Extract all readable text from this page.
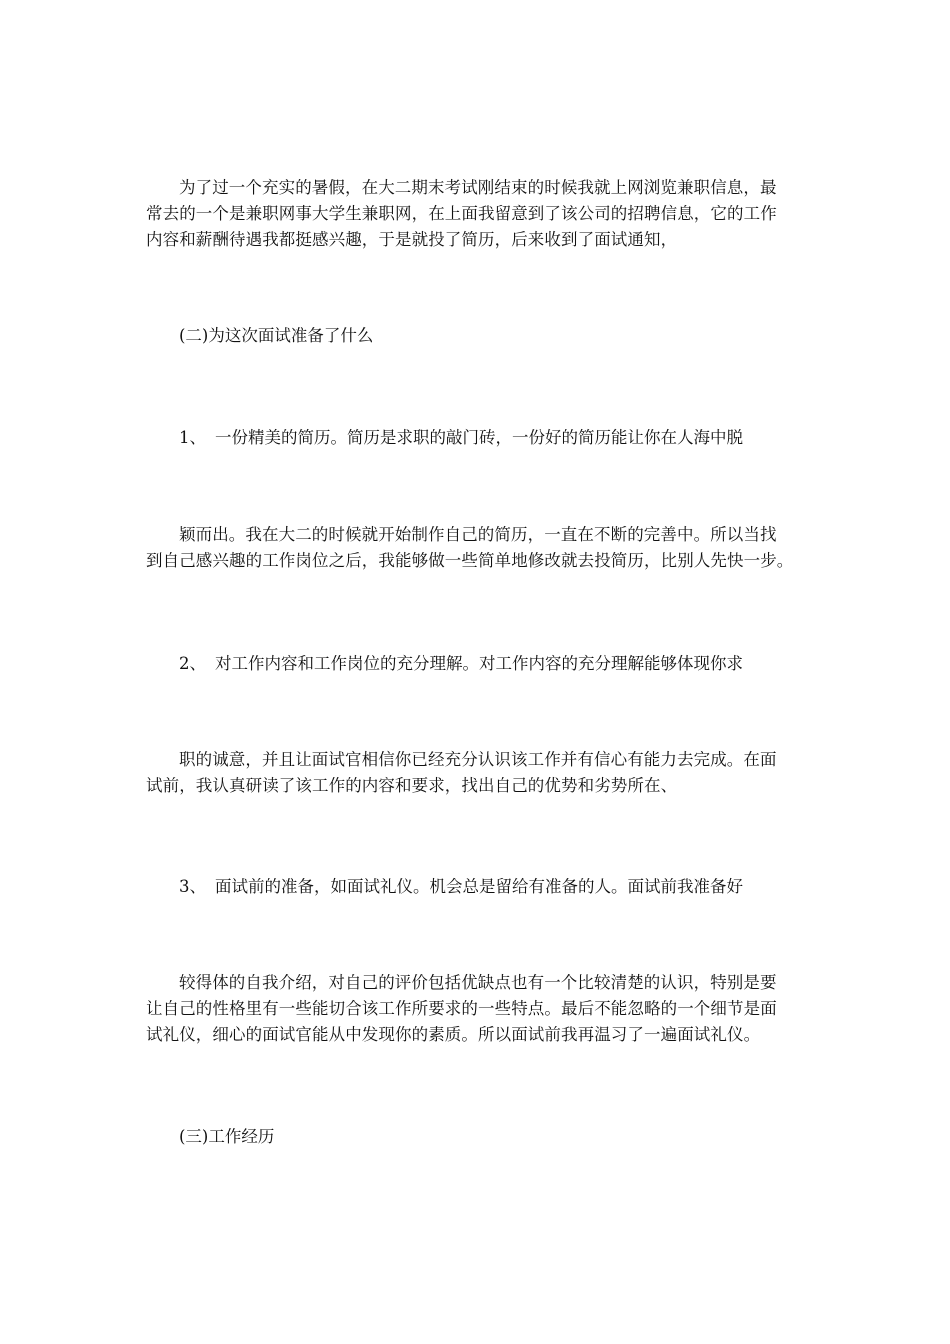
为了过一个充实的暑假，在大二期末考试刚结束的时候我就上网浏览兼职信息，最
常去的一个是兼职网事大学生兼职网，在上面我留意到了该公司的招聘信息，它的工作
内容和薪酬待遇我都挺感兴趣，于是就投了简历，后来收到了面试通知，

(二)为这次面试准备了什么

1、 一份精美的简历。简历是求职的敲门砖，一份好的简历能让你在人海中脱

颖而出。我在大二的时候就开始制作自己的简历，一直在不断的完善中。所以当找
到自己感兴趣的工作岗位之后，我能够做一些简单地修改就去投简历，比别人先快一步。

2、 对工作内容和工作岗位的充分理解。对工作内容的充分理解能够体现你求

职的诚意，并且让面试官相信你已经充分认识该工作并有信心有能力去完成。在面
试前，我认真研读了该工作的内容和要求，找出自己的优势和劣势所在、

3、 面试前的准备，如面试礼仪。机会总是留给有准备的人。面试前我准备好

较得体的自我介绍，对自己的评价包括优缺点也有一个比较清楚的认识，特别是要
让自己的性格里有一些能切合该工作所要求的一些特点。最后不能忽略的一个细节是面
试礼仪，细心的面试官能从中发现你的素质。所以面试前我再温习了一遍面试礼仪。

(三)工作经历
